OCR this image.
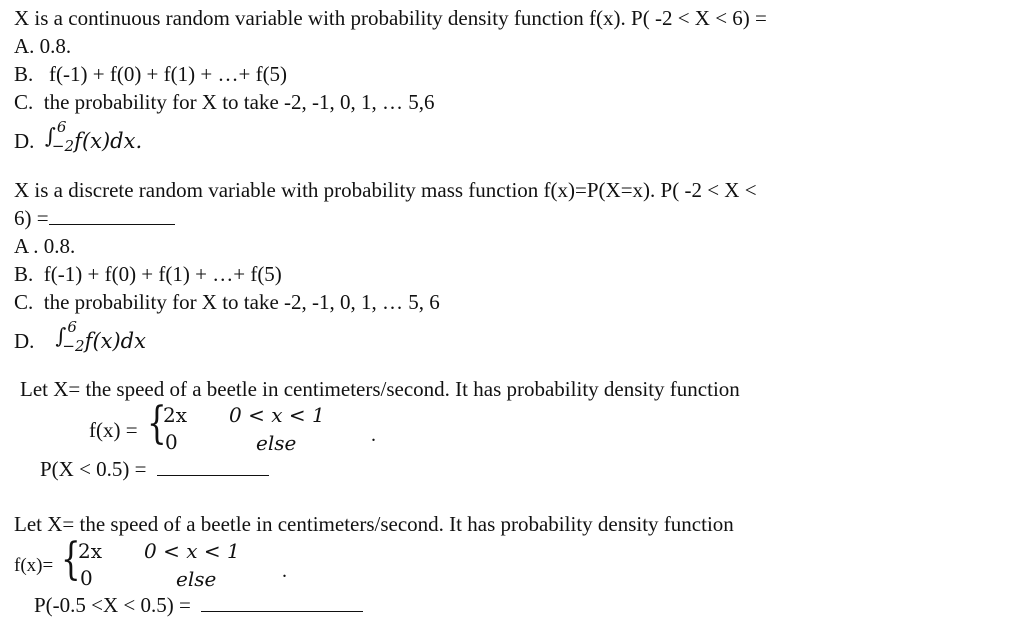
X is a continuous random variable with probability density function f(x). P( -2 < X < 6) =
A. 0.8.
B. f(-1) + f(0) + f(1) + …+ f(5)
C. the probability for X to take -2, -1, 0, 1, … 5,6
D. ∫ 6
−2 f(x)dx.
X is a discrete random variable with probability mass function f(x)=P(X=x). P( -2 < X <
6) =
A . 0.8.
B. f(-1) + f(0) + f(1) + …+ f(5)
C. the probability for X to take -2, -1, 0, 1, … 5, 6
D. ∫ 6
−2 f(x)dx
Let X= the speed of a beetle in centimeters/second. It has probability density function
f(x) = {
2x 0 < x < 1
0	else	.
P(X < 0.5) =
Let X= the speed of a beetle in centimeters/second. It has probability density function
f(x)= {
2x 0 < x < 1
0	else	.
P(-0.5 <X < 0.5) =
